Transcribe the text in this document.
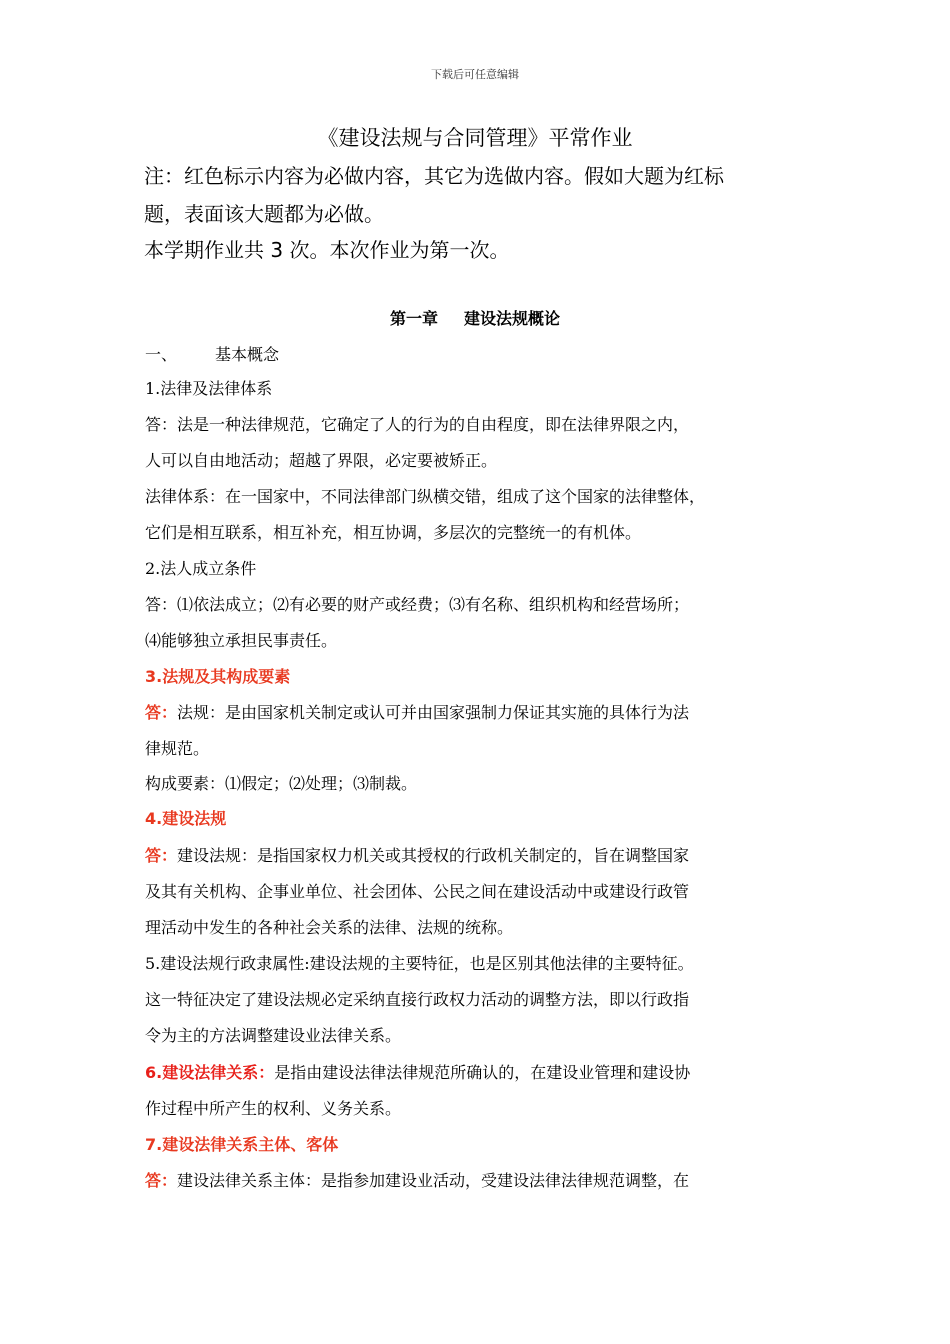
下载后可任意编辑
《建设法规与合同管理》平常作业
注：红色标示内容为必做内容，其它为选做内容。假如大题为红标
题，表面该大题都为必做。
本学期作业共 3 次。本次作业为第一次。
第一章 建设法规概论
一、 基本概念
1.法律及法律体系
答：法是一种法律规范，它确定了人的行为的自由程度，即在法律界限之内，
人可以自由地活动；超越了界限，必定要被矫正。
法律体系：在一国家中，不同法律部门纵横交错，组成了这个国家的法律整体，
它们是相互联系，相互补充，相互协调，多层次的完整统一的有机体。
2.法人成立条件
答：⑴依法成立；⑵有必要的财产或经费；⑶有名称、组织机构和经营场所；
⑷能够独立承担民事责任。
3.法规及其构成要素
答：法规：是由国家机关制定或认可并由国家强制力保证其实施的具体行为法
律规范。
构成要素：⑴假定；⑵处理；⑶制裁。
4.建设法规
答：建设法规：是指国家权力机关或其授权的行政机关制定的，旨在调整国家
及其有关机构、企事业单位、社会团体、公民之间在建设活动中或建设行政管
理活动中发生的各种社会关系的法律、法规的统称。
5.建设法规行政隶属性:建设法规的主要特征，也是区别其他法律的主要特征。
这一特征决定了建设法规必定采纳直接行政权力活动的调整方法，即以行政指
令为主的方法调整建设业法律关系。
6.建设法律关系：是指由建设法律法律规范所确认的，在建设业管理和建设协
作过程中所产生的权利、义务关系。
7.建设法律关系主体、客体
答：建设法律关系主体：是指参加建设业活动，受建设法律法律规范调整，在
